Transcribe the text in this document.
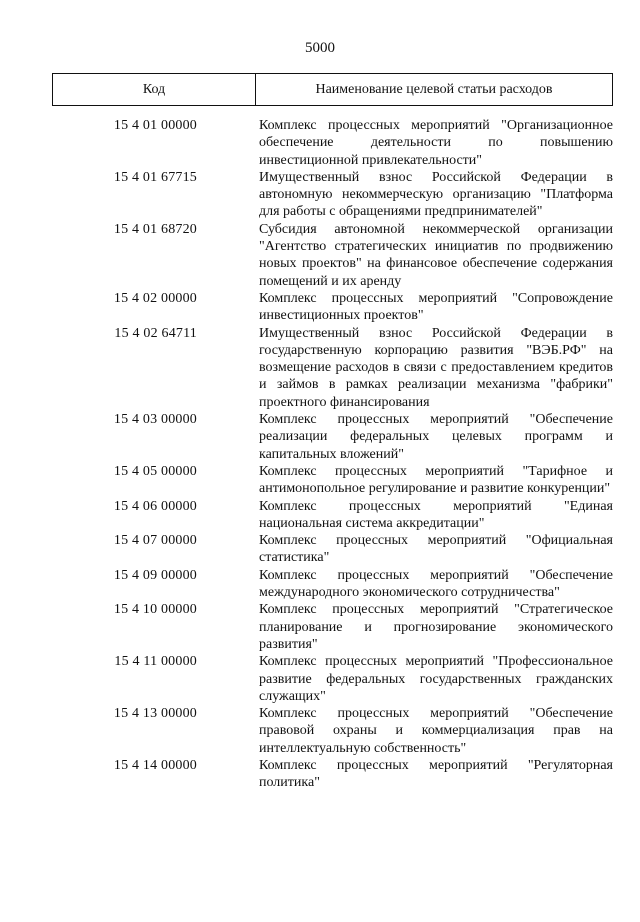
5000
Код	Наименование целевой статьи расходов
15 4 01 00000	Комплекс процессных мероприятий "Организационное обеспечение деятельности по повышению инвестиционной привлекательности"
15 4 01 67715	Имущественный взнос Российской Федерации в автономную некоммерческую организацию "Платформа для работы с обращениями предпринимателей"
15 4 01 68720	Субсидия автономной некоммерческой организации "Агентство стратегических инициатив по продвижению новых проектов" на финансовое обеспечение содержания помещений и их аренду
15 4 02 00000	Комплекс процессных мероприятий "Сопровождение инвестиционных проектов"
15 4 02 64711	Имущественный взнос Российской Федерации в государственную корпорацию развития "ВЭБ.РФ" на возмещение расходов в связи с предоставлением кредитов и займов в рамках реализации механизма "фабрики" проектного финансирования
15 4 03 00000	Комплекс процессных мероприятий "Обеспечение реализации федеральных целевых программ и капитальных вложений"
15 4 05 00000	Комплекс процессных мероприятий "Тарифное и антимонопольное регулирование и развитие конкуренции"
15 4 06 00000	Комплекс процессных мероприятий "Единая национальная система аккредитации"
15 4 07 00000	Комплекс процессных мероприятий "Официальная статистика"
15 4 09 00000	Комплекс процессных мероприятий "Обеспечение международного экономического сотрудничества"
15 4 10 00000	Комплекс процессных мероприятий "Стратегическое планирование и прогнозирование экономического развития"
15 4 11 00000	Комплекс процессных мероприятий "Профессиональное развитие федеральных государственных гражданских служащих"
15 4 13 00000	Комплекс процессных мероприятий "Обеспечение правовой охраны и коммерциализация прав на интеллектуальную собственность"
15 4 14 00000	Комплекс процессных мероприятий "Регуляторная политика"
